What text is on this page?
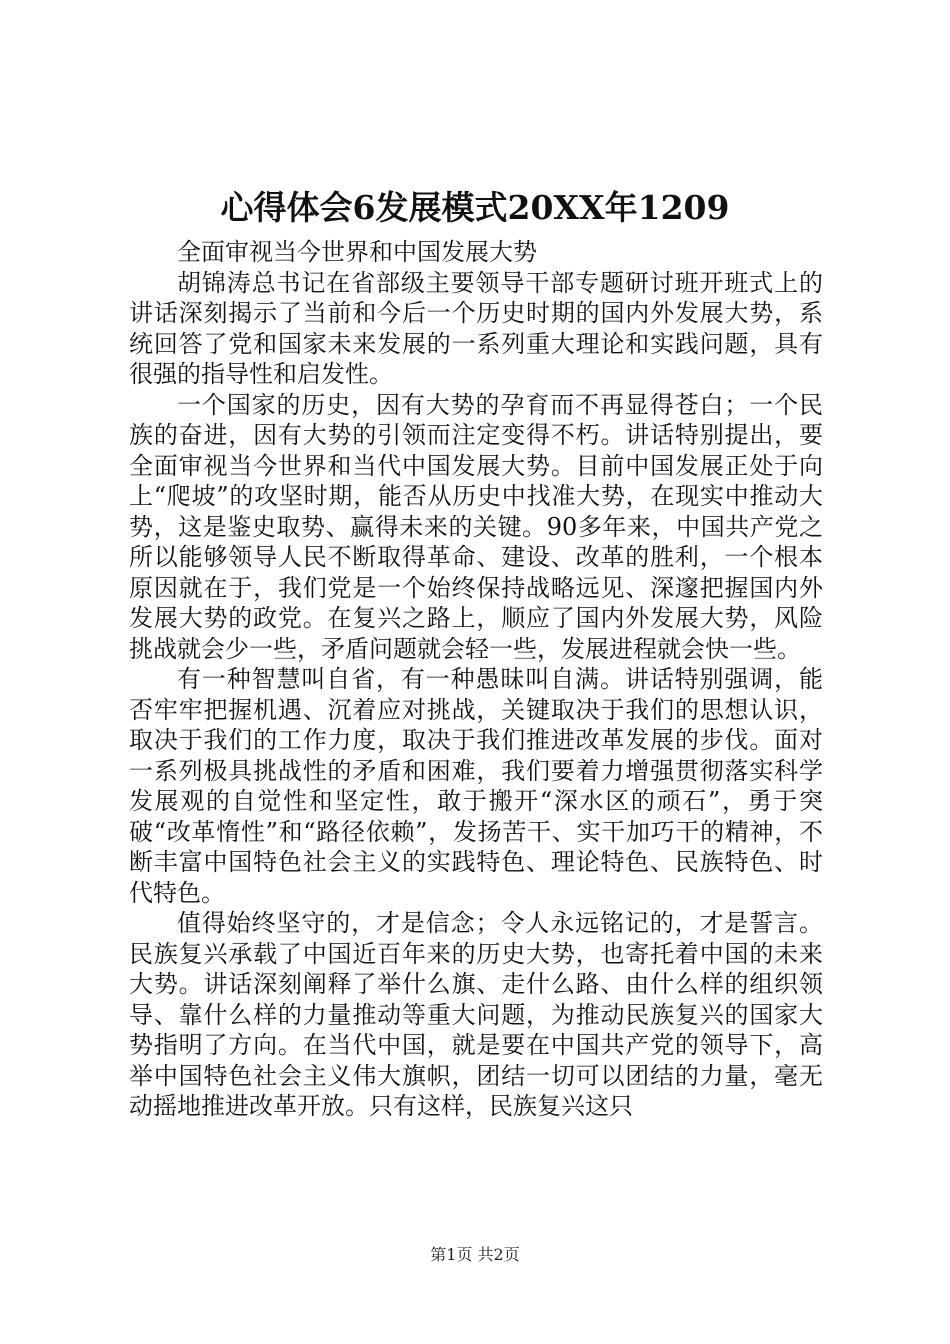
心得体会6发展模式20XX年1209

全面审视当今世界和中国发展大势

胡锦涛总书记在省部级主要领导干部专题研讨班开班式上的讲话深刻揭示了当前和今后一个历史时期的国内外发展大势，系统回答了党和国家未来发展的一系列重大理论和实践问题，具有很强的指导性和启发性。

一个国家的历史，因有大势的孕育而不再显得苍白；一个民族的奋进，因有大势的引领而注定变得不朽。讲话特别提出，要全面审视当今世界和当代中国发展大势。目前中国发展正处于向上“爬坡”的攻坚时期，能否从历史中找准大势，在现实中推动大势，这是鉴史取势、赢得未来的关键。90多年来，中国共产党之所以能够领导人民不断取得革命、建设、改革的胜利，一个根本原因就在于，我们党是一个始终保持战略远见、深邃把握国内外发展大势的政党。在复兴之路上，顺应了国内外发展大势，风险挑战就会少一些，矛盾问题就会轻一些，发展进程就会快一些。

有一种智慧叫自省，有一种愚昧叫自满。讲话特别强调，能否牢牢把握机遇、沉着应对挑战，关键取决于我们的思想认识，取决于我们的工作力度，取决于我们推进改革发展的步伐。面对一系列极具挑战性的矛盾和困难，我们要着力增强贯彻落实科学发展观的自觉性和坚定性，敢于搬开“深水区的顽石”，勇于突破“改革惰性”和“路径依赖”，发扬苦干、实干加巧干的精神，不断丰富中国特色社会主义的实践特色、理论特色、民族特色、时代特色。

值得始终坚守的，才是信念；令人永远铭记的，才是誓言。民族复兴承载了中国近百年来的历史大势，也寄托着中国的未来大势。讲话深刻阐释了举什么旗、走什么路、由什么样的组织领导、靠什么样的力量推动等重大问题，为推动民族复兴的国家大势指明了方向。在当代中国，就是要在中国共产党的领导下，高举中国特色社会主义伟大旗帜，团结一切可以团结的力量，毫无动摇地推进改革开放。只有这样，民族复兴这只

第1页 共2页
